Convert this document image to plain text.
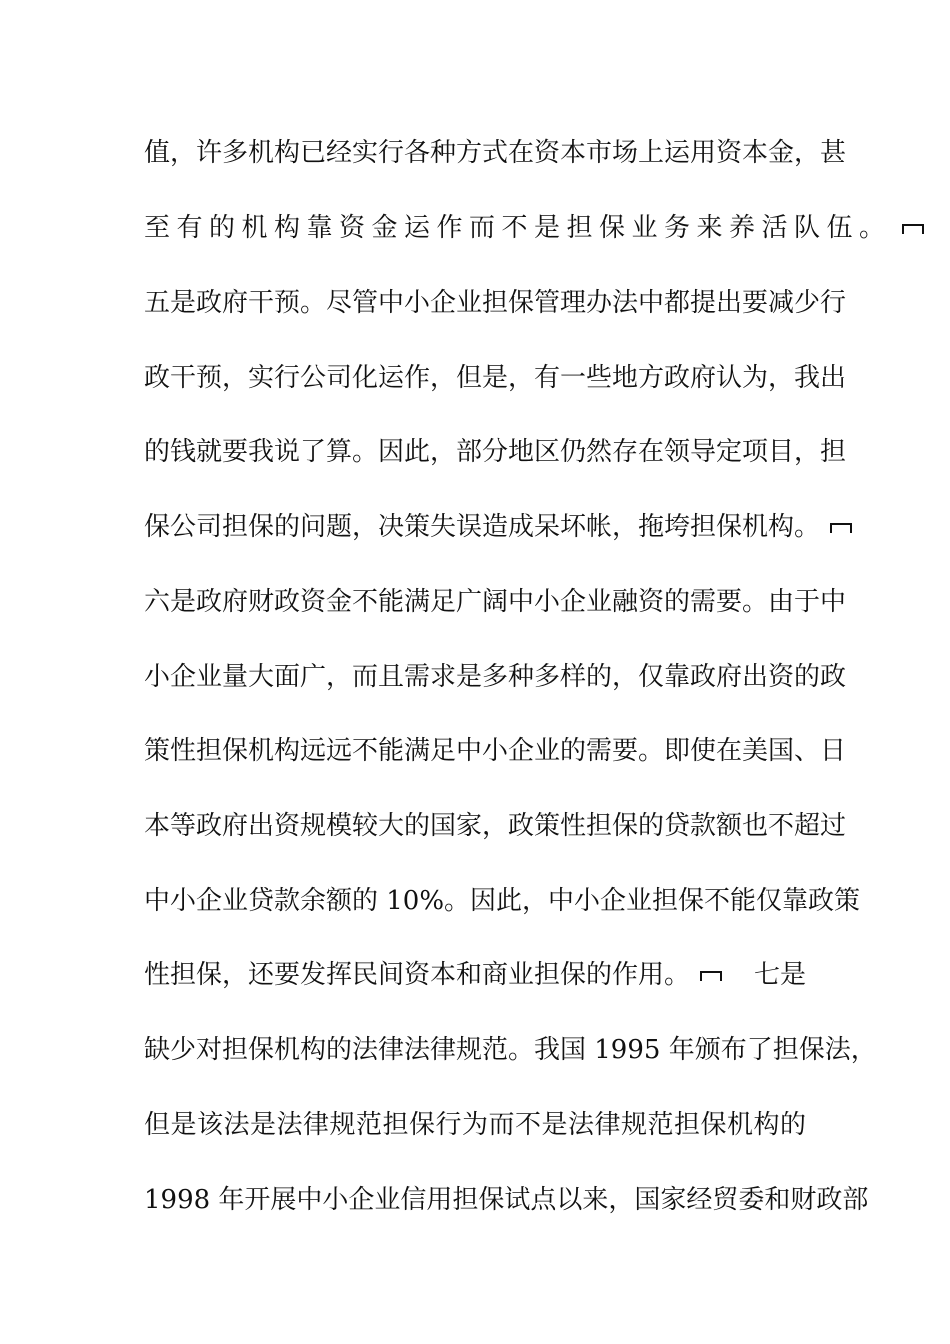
值，许多机构已经实行各种方式在资本市场上运用资本金，甚
至有的机构靠资金运作而不是担保业务来养活队伍。
五是政府干预。尽管中小企业担保管理办法中都提出要减少行
政干预，实行公司化运作，但是，有一些地方政府认为，我出
的钱就要我说了算。因此，部分地区仍然存在领导定项目，担
保公司担保的问题，决策失误造成呆坏帐，拖垮担保机构。
六是政府财政资金不能满足广阔中小企业融资的需要。由于中
小企业量大面广，而且需求是多种多样的，仅靠政府出资的政
策性担保机构远远不能满足中小企业的需要。即使在美国、日
本等政府出资规模较大的国家，政策性担保的贷款额也不超过
中小企业贷款余额的 10%。因此，中小企业担保不能仅靠政策
性担保，还要发挥民间资本和商业担保的作用。 七是
缺少对担保机构的法律法律规范。我国 1995 年颁布了担保法，
但是该法是法律规范担保行为而不是法律规范担保机构的
1998 年开展中小企业信用担保试点以来，国家经贸委和财政部
